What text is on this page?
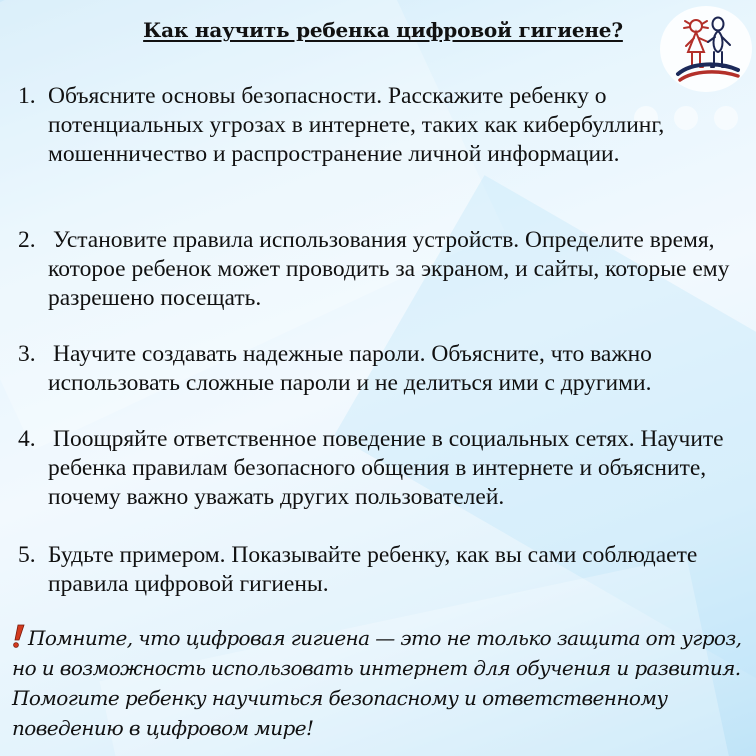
Как научить ребенка цифровой гигиене?
1. Объясните основы безопасности. Расскажите ребенку о потенциальных угрозах в интернете, таких как кибербуллинг, мошенничество и распространение личной информации.
2. Установите правила использования устройств. Определите время, которое ребенок может проводить за экраном, и сайты, которые ему разрешено посещать.
3. Научите создавать надежные пароли. Объясните, что важно использовать сложные пароли и не делиться ими с другими.
4. Поощряйте ответственное поведение в социальных сетях. Научите ребенка правилам безопасного общения в интернете и объясните, почему важно уважать других пользователей.
5. Будьте примером. Показывайте ребенку, как вы сами соблюдаете правила цифровой гигиены.
Помните, что цифровая гигиена — это не только защита от угроз, но и возможность использовать интернет для обучения и развития. Помогите ребенку научиться безопасному и ответственному поведению в цифровом мире!
